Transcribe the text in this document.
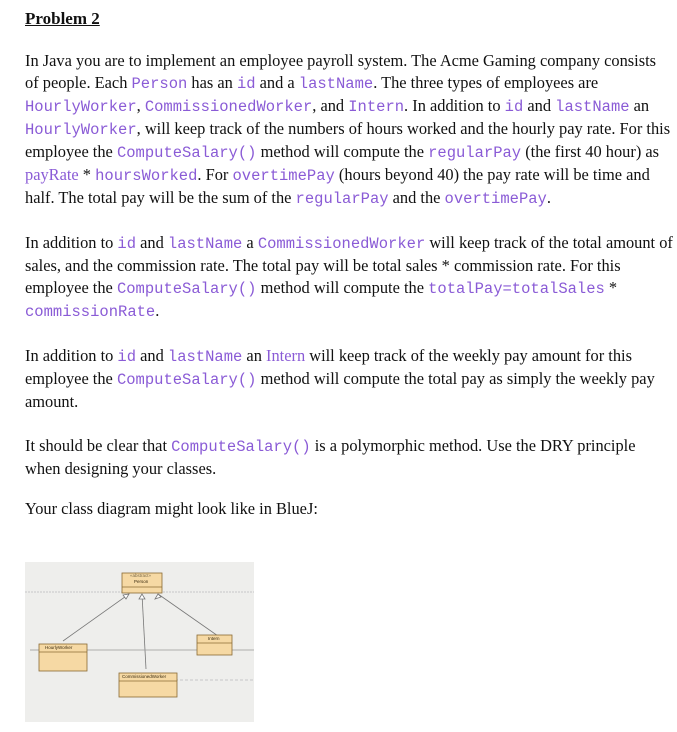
Problem 2

In Java you are to implement an employee payroll system. The Acme Gaming company consists of people. Each Person has an id and a lastName. The three types of employees are HourlyWorker, CommissionedWorker, and Intern. In addition to id and lastName an HourlyWorker, will keep track of the numbers of hours worked and the hourly pay rate. For this employee the ComputeSalary() method will compute the regularPay (the first 40 hour) as payRate * hoursWorked. For overtimePay (hours beyond 40) the pay rate will be time and half. The total pay will be the sum of the regularPay and the overtimePay.

In addition to id and lastName a CommissionedWorker will keep track of the total amount of sales, and the commission rate. The total pay will be total sales * commission rate. For this employee the ComputeSalary() method will compute the totalPay=totalSales * commissionRate.

In addition to id and lastName an Intern will keep track of the weekly pay amount for this employee the ComputeSalary() method will compute the total pay as simply the weekly pay amount.

It should be clear that ComputeSalary() is a polymorphic method. Use the DRY principle when designing your classes.

Your class diagram might look like in BlueJ:

«abstract»
Person
Intern
HourlyWorker
CommissionedWorker
